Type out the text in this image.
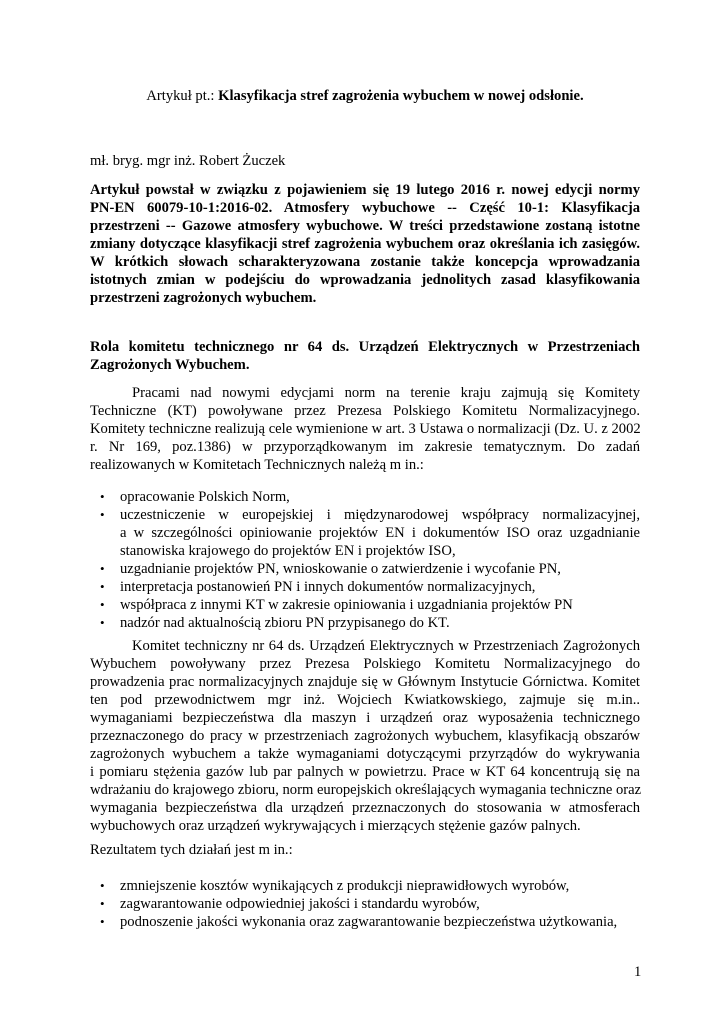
Artykuł pt.: Klasyfikacja stref zagrożenia wybuchem w nowej odsłonie.
mł. bryg. mgr inż. Robert Żuczek
Artykuł powstał w związku z pojawieniem się 19 lutego 2016 r. nowej edycji normy
PN-EN 60079-10-1:2016-02. Atmosfery wybuchowe -- Część 10-1: Klasyfikacja
przestrzeni -- Gazowe atmosfery wybuchowe. W treści przedstawione zostaną istotne
zmiany dotyczące klasyfikacji stref zagrożenia wybuchem oraz określania ich zasięgów.
W krótkich słowach scharakteryzowana zostanie także koncepcja wprowadzania
istotnych zmian w podejściu do wprowadzania jednolitych zasad klasyfikowania
przestrzeni zagrożonych wybuchem.
Rola komitetu technicznego nr 64 ds. Urządzeń Elektrycznych w Przestrzeniach
Zagrożonych Wybuchem.
Pracami nad nowymi edycjami norm na terenie kraju zajmują się Komitety
Techniczne (KT) powoływane przez Prezesa Polskiego Komitetu Normalizacyjnego.
Komitety techniczne realizują cele wymienione w art. 3 Ustawa o normalizacji (Dz. U. z 2002
r. Nr 169, poz.1386) w przyporządkowanym im zakresie tematycznym. Do zadań
realizowanych w Komitetach Technicznych należą m in.:
• opracowanie Polskich Norm,
• uczestniczenie w europejskiej i międzynarodowej współpracy normalizacyjnej,
a w szczególności opiniowanie projektów EN i dokumentów ISO oraz uzgadnianie
stanowiska krajowego do projektów EN i projektów ISO,
• uzgadnianie projektów PN, wnioskowanie o zatwierdzenie i wycofanie PN,
• interpretacja postanowień PN i innych dokumentów normalizacyjnych,
• współpraca z innymi KT w zakresie opiniowania i uzgadniania projektów PN
• nadzór nad aktualnością zbioru PN przypisanego do KT.
Komitet techniczny nr 64 ds. Urządzeń Elektrycznych w Przestrzeniach Zagrożonych
Wybuchem powoływany przez Prezesa Polskiego Komitetu Normalizacyjnego do
prowadzenia prac normalizacyjnych znajduje się w Głównym Instytucie Górnictwa. Komitet
ten pod przewodnictwem mgr inż. Wojciech Kwiatkowskiego, zajmuje się m.in..
wymaganiami bezpieczeństwa dla maszyn i urządzeń oraz wyposażenia technicznego
przeznaczonego do pracy w przestrzeniach zagrożonych wybuchem, klasyfikacją obszarów
zagrożonych wybuchem a także wymaganiami dotyczącymi przyrządów do wykrywania
i pomiaru stężenia gazów lub par palnych w powietrzu. Prace w KT 64 koncentrują się na
wdrażaniu do krajowego zbioru, norm europejskich określających wymagania techniczne oraz
wymagania bezpieczeństwa dla urządzeń przeznaczonych do stosowania w atmosferach
wybuchowych oraz urządzeń wykrywających i mierzących stężenie gazów palnych.
Rezultatem tych działań jest m in.:
• zmniejszenie kosztów wynikających z produkcji nieprawidłowych wyrobów,
• zagwarantowanie odpowiedniej jakości i standardu wyrobów,
• podnoszenie jakości wykonania oraz zagwarantowanie bezpieczeństwa użytkowania,
1
